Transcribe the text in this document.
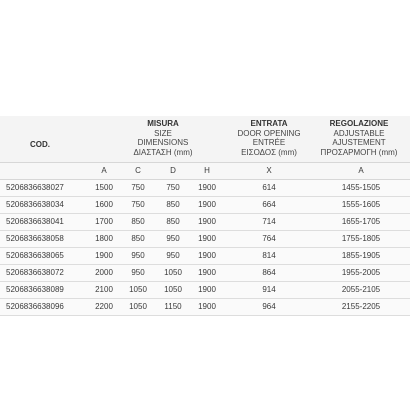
COD.
MISURA
SIZE
DIMENSIONS
ΔΙΑΣΤΑΣΗ (mm)
ENTRATA
DOOR OPENING
ENTRÉE
ΕΙΣΟΔΟΣ (mm)
REGOLAZIONE
ADJUSTABLE
AJUSTEMENT
ΠΡΟΣΑΡΜΟΓΗ (mm)
A	C	D	H	X	A
5206836638027	1500	750	750	1900	614	1455-1505
5206836638034	1600	750	850	1900	664	1555-1605
5206836638041	1700	850	850	1900	714	1655-1705
5206836638058	1800	850	950	1900	764	1755-1805
5206836638065	1900	950	950	1900	814	1855-1905
5206836638072	2000	950	1050	1900	864	1955-2005
5206836638089	2100	1050	1050	1900	914	2055-2105
5206836638096	2200	1050	1150	1900	964	2155-2205
